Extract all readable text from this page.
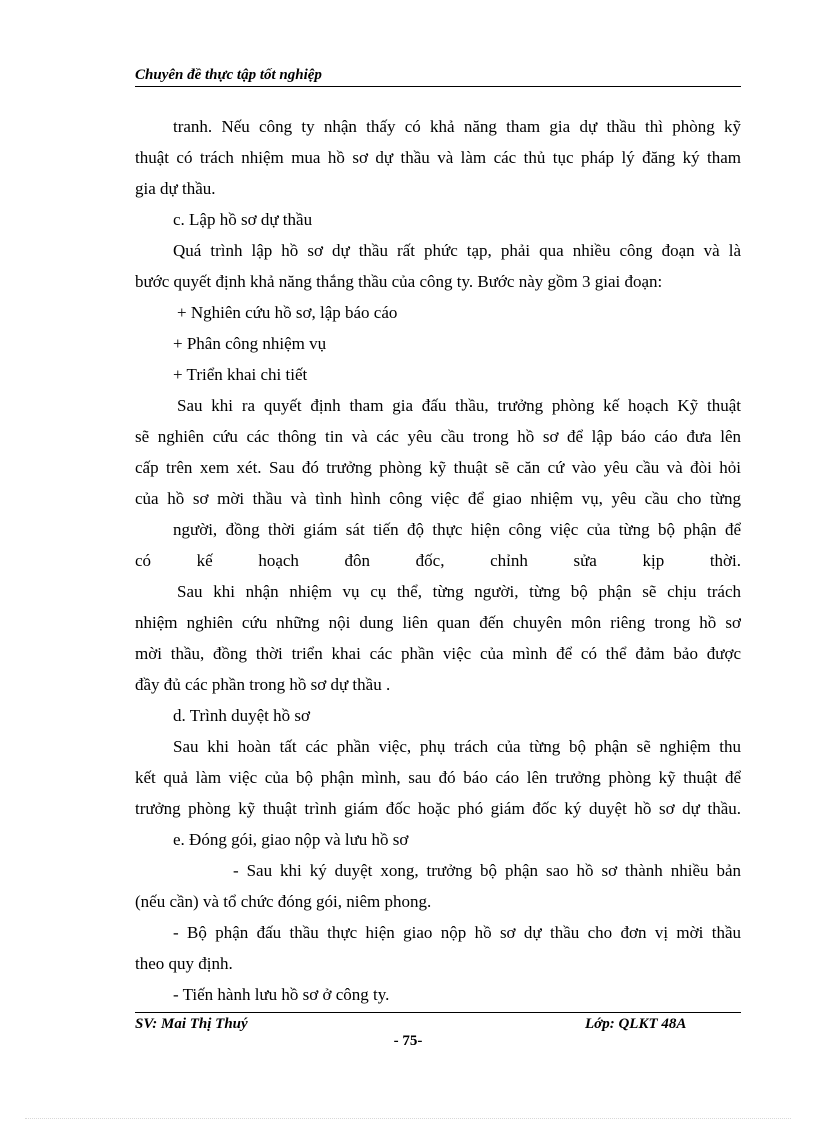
Chuyên đề thực tập tốt nghiệp
tranh. Nếu công ty nhận thấy có khả năng tham gia dự thầu thì phòng kỹ
thuật có trách nhiệm mua hồ sơ dự thầu và làm các thủ tục pháp lý đăng ký tham
gia dự thầu.
c. Lập hồ sơ dự thầu
Quá trình lập hồ sơ dự thầu rất phức tạp, phải qua nhiều công đoạn và là
bước quyết định khả năng thắng thầu của công ty. Bước này gồm 3 giai đoạn:
+ Nghiên cứu hồ sơ, lập báo cáo
+ Phân công nhiệm vụ
+ Triển khai chi tiết
Sau khi ra quyết định tham gia đấu thầu, trưởng phòng kế hoạch Kỹ thuật
sẽ nghiên cứu các thông tin và các yêu cầu trong hồ sơ để lập báo cáo đưa lên
cấp trên xem xét. Sau đó trưởng phòng kỹ thuật sẽ căn cứ vào yêu cầu và đòi hỏi
của hồ sơ mời thầu và tình hình công việc để giao nhiệm vụ, yêu cầu cho từng
người, đồng thời giám sát tiến độ thực hiện công việc của từng bộ phận để
có kế hoạch đôn đốc, chỉnh sửa kịp thời.
Sau khi nhận nhiệm vụ cụ thể, từng người, từng bộ phận sẽ chịu trách
nhiệm nghiên cứu những nội dung liên quan đến chuyên môn riêng trong hồ sơ
mời thầu, đồng thời triển khai các phần việc của mình để có thể đảm bảo được
đầy đủ các phần trong hồ sơ dự thầu .
d. Trình duyệt hồ sơ
Sau khi hoàn tất các phần việc, phụ trách của từng bộ phận sẽ nghiệm thu
kết quả làm việc của bộ phận mình, sau đó báo cáo lên trưởng phòng kỹ thuật để
trưởng phòng kỹ thuật trình giám đốc hoặc phó giám đốc ký duyệt hồ sơ dự thầu.
e. Đóng gói, giao nộp và lưu hồ sơ
- Sau khi ký duyệt xong, trưởng bộ phận sao hồ sơ thành nhiều bản
(nếu cần) và tổ chức đóng gói, niêm phong.
- Bộ phận đấu thầu thực hiện giao nộp hồ sơ dự thầu cho đơn vị mời thầu
theo quy định.
- Tiến hành lưu hồ sơ ở công ty.
SV: Mai Thị Thuý	Lớp: QLKT 48A
- 75-
